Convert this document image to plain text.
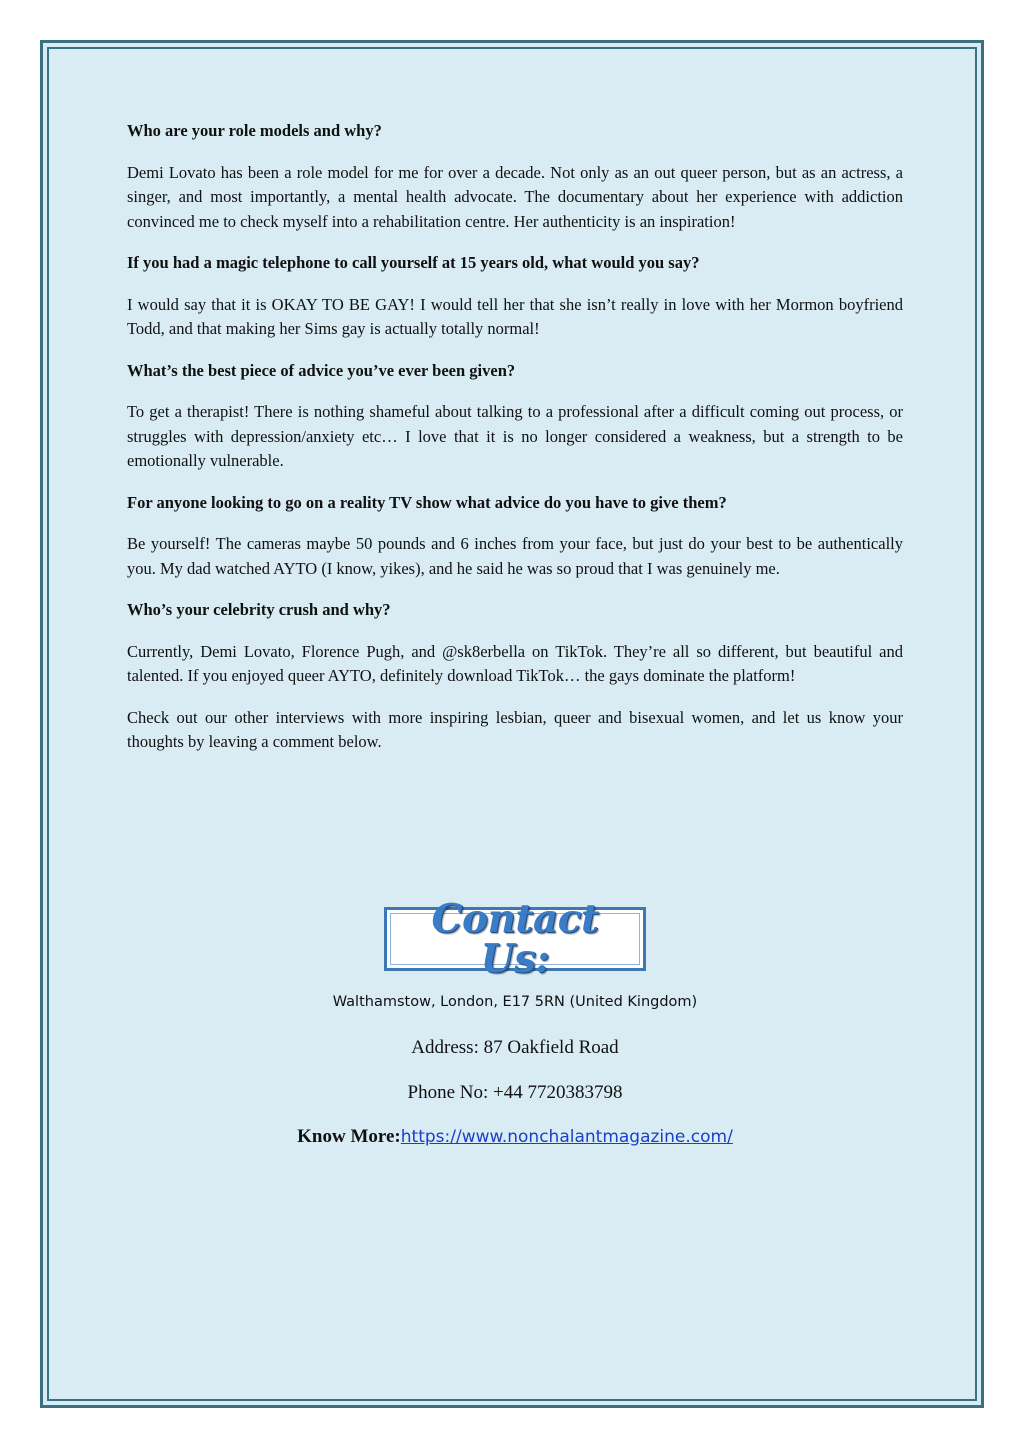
Who are your role models and why?

Demi Lovato has been a role model for me for over a decade. Not only as an out queer person, but as an actress, a singer, and most importantly, a mental health advocate. The documentary about her experience with addiction convinced me to check myself into a rehabilitation centre. Her authenticity is an inspiration!

If you had a magic telephone to call yourself at 15 years old, what would you say?

I would say that it is OKAY TO BE GAY! I would tell her that she isn’t really in love with her Mormon boyfriend Todd, and that making her Sims gay is actually totally normal!

What’s the best piece of advice you’ve ever been given?

To get a therapist! There is nothing shameful about talking to a professional after a difficult coming out process, or struggles with depression/anxiety etc… I love that it is no longer considered a weakness, but a strength to be emotionally vulnerable.

For anyone looking to go on a reality TV show what advice do you have to give them?

Be yourself! The cameras maybe 50 pounds and 6 inches from your face, but just do your best to be authentically you. My dad watched AYTO (I know, yikes), and he said he was so proud that I was genuinely me.

Who’s your celebrity crush and why?

Currently, Demi Lovato, Florence Pugh, and @sk8erbella on TikTok. They’re all so different, but beautiful and talented. If you enjoyed queer AYTO, definitely download TikTok… the gays dominate the platform!

Check out our other interviews with more inspiring lesbian, queer and bisexual women, and let us know your thoughts by leaving a comment below.

Contact Us:
Walthamstow, London, E17 5RN (United Kingdom)
Address: 87 Oakfield Road
Phone No: +44 7720383798
Know More:https://www.nonchalantmagazine.com/
